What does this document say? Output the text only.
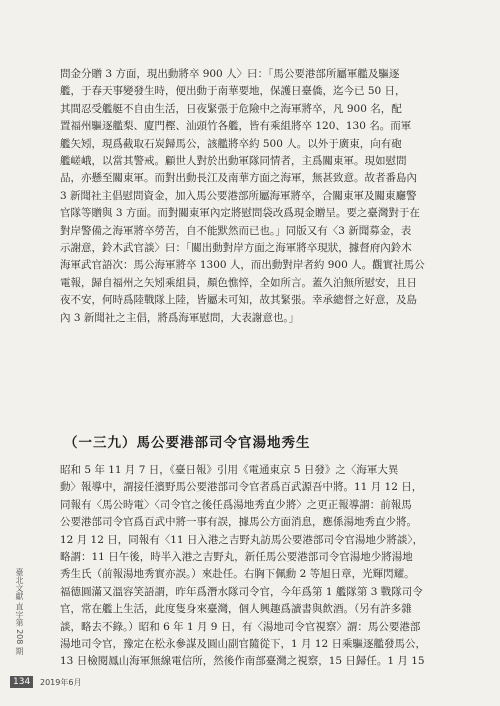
問金分贈 3 方面，現出動將卒 900 人〉曰：「馬公要港部所屬軍艦及驅逐
艦，于春天事變發生時，便出動于南華要地，保護日臺僑，迄今已 50 日，
其間忍受艦艇不自由生活，日夜緊張于危險中之海軍將卒，凡 900 名，配
置福州驅逐艦梨、廈門樫、汕頭竹各艦，皆有乘組將卒 120、130 名。而軍
艦矢矧，現爲截取石炭歸馬公，該艦將卒約 500 人。以外于廣東，向有砲
艦嵯峨，以當其警戒。顧世人對於出動軍隊同情者，主爲關東軍。現如慰問
品，亦懸至關東軍。而對出動長江及南華方面之海軍，無甚致意。故者番島內
3 新聞社主倡慰問資金，加入馬公要港部所屬海軍將卒，合關東軍及關東廳警
官隊等贈與 3 方面。而對關東軍內定將慰問袋改爲現金贈呈。要之臺灣對于在
對岸警備之海軍將卒勞苦，自不能默然而已也。」同版又有〈3 新聞募金，表
示謝意，鈴木武官談〉曰：「關出動對岸方面之海軍將卒現狀，據督府內鈴木
海軍武官語次：馬公海軍將卒 1300 人，而出動對岸者約 900 人。觀實社馬公
電報，歸自福州之矢矧乘組員，顏色憔悴，全如所言。蓋久泊無所慰安，且日
夜不安，何時爲陸戰隊上陸，皆屬未可知，故其緊張。幸承總督之好意，及島
內 3 新聞社之主倡，將爲海軍慰問，大表謝意也。」

（一三九）馬公要港部司令官湯地秀生

昭和 5 年 11 月 7 日，《臺日報》引用《電通東京 5 日發》之〈海軍大異
動〉報導中，謂接任濱野馬公要港部司令官者爲百武源吾中將。11 月 12 日，
同報有〈馬公時電〉〈司令官之後任爲湯地秀直少將〉之更正報導謂：前報馬
公要港部司令官爲百武中將一事有誤，據馬公方面消息，應係湯地秀直少將。
12 月 12 日，同報有〈11 日入港之吉野丸訪馬公要港部司令官湯地少將談〉，
略謂：11 日午後，時半入港之吉野丸，新任馬公要港部司令官湯地少將湯地
秀生氏（前報湯地秀實亦誤。）來赴任。右胸下佩勳 2 等旭日章，光輝閃耀。
福德圓滿又溫容笑語謂，昨年爲潛水隊司令官，今年爲第 1 艦隊第 3 戰隊司令
官，常在艦上生活，此度隻身來臺灣，個人興趣爲讀書與飲酒。（另有許多雜
談，略去不錄。）昭和 6 年 1 月 9 日，有〈湯地司令官視察〉謂：馬公要港部
湯地司令官，豫定在松永參謀及圓山副官隨從下，1 月 12 日乘驅逐艦發馬公，
13 日檢閱鳳山海軍無線電信所，然後作南部臺灣之視察，15 日歸任。1 月 15

臺北文獻 直字第 208 期
134	2019年6月
